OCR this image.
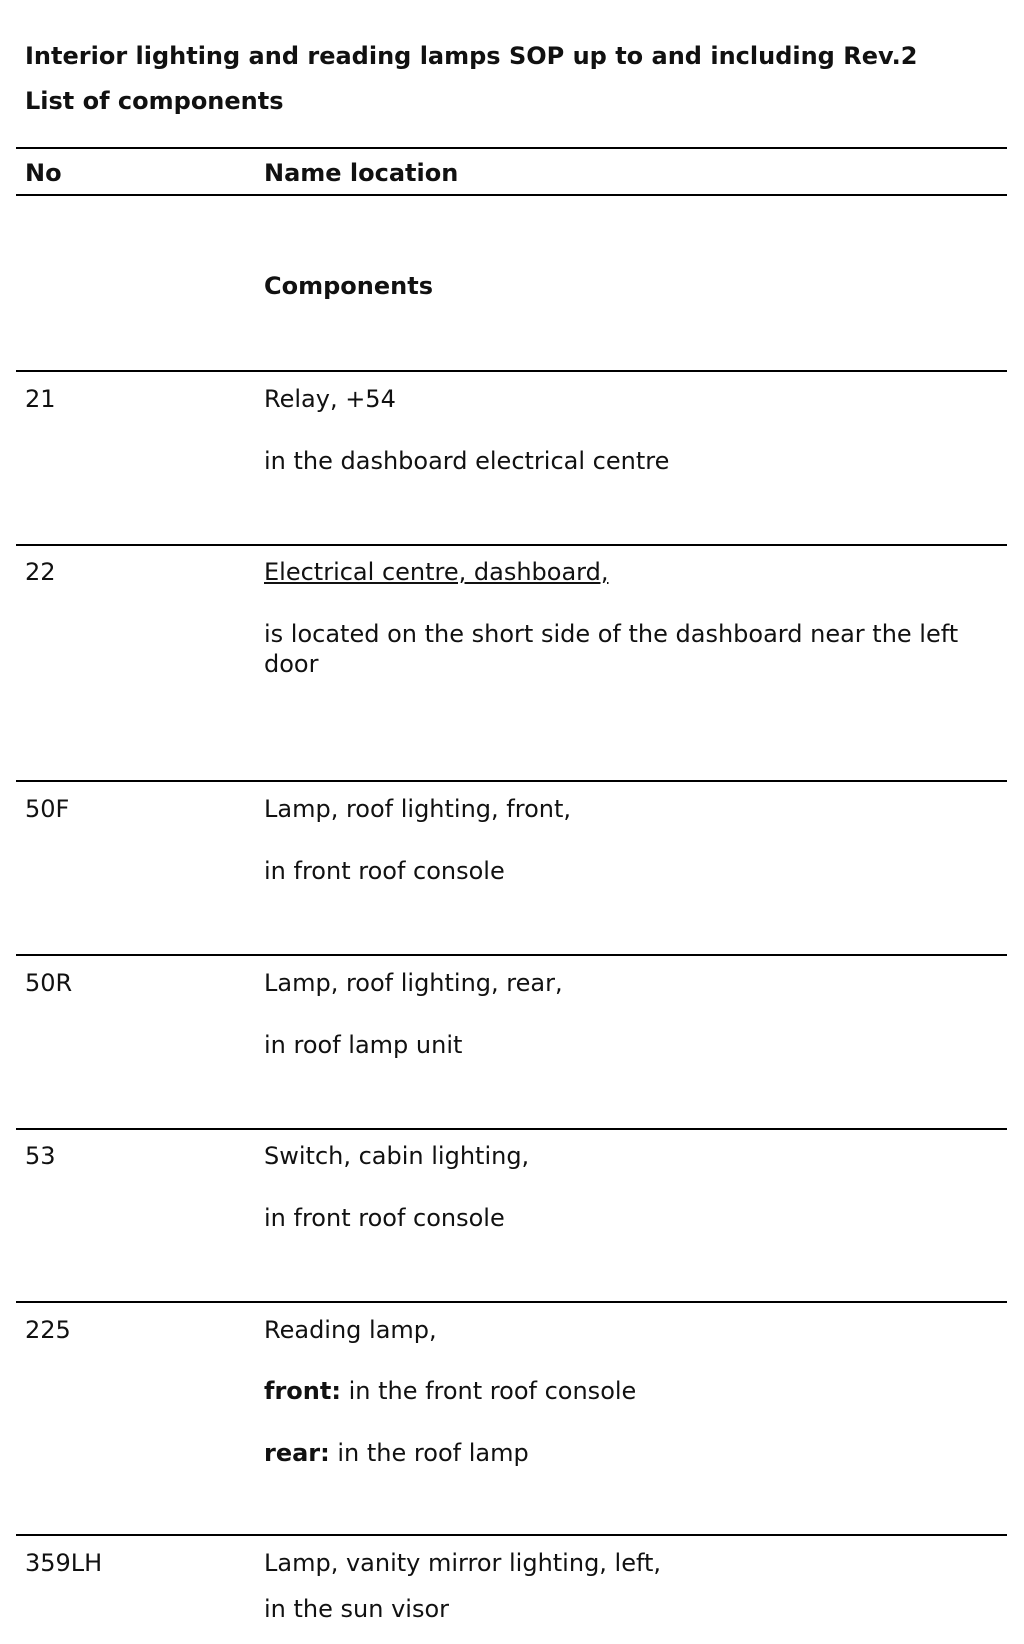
Interior lighting and reading lamps SOP up to and including Rev.2
List of components
No	Name location
Components
21	Relay, +54
in the dashboard electrical centre
22	Electrical centre, dashboard,
is located on the short side of the dashboard near the left door
50F	Lamp, roof lighting, front,
in front roof console
50R	Lamp, roof lighting, rear,
in roof lamp unit
53	Switch, cabin lighting,
in front roof console
225	Reading lamp,
front: in the front roof console
rear: in the roof lamp
359LH	Lamp, vanity mirror lighting, left,
in the sun visor
